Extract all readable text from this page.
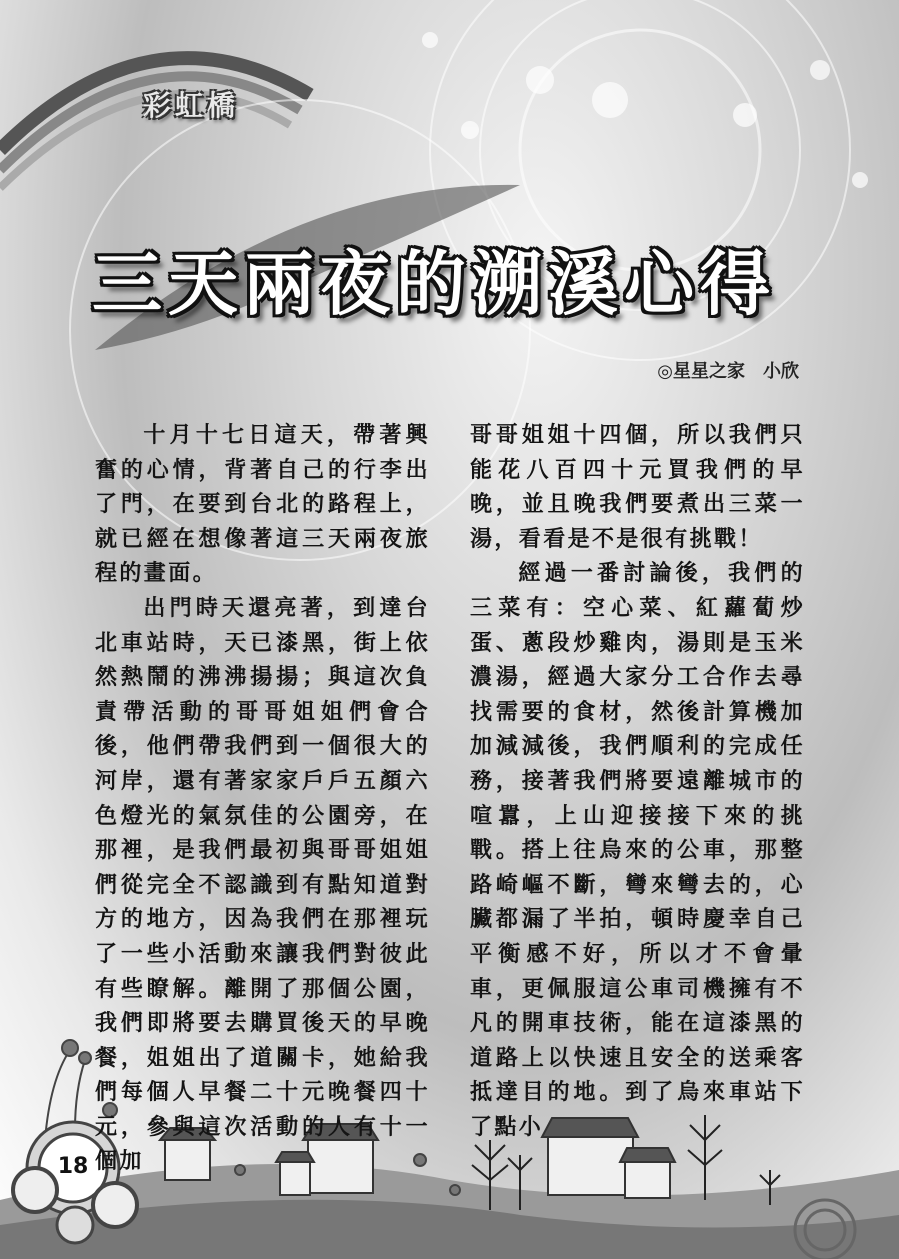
彩虹橋
三天兩夜的溯溪心得
◎星星之家　小欣

十月十七日這天，帶著興奮的心情，背著自己的行李出了門，在要到台北的路程上，就已經在想像著這三天兩夜旅程的畫面。

出門時天還亮著，到達台北車站時，天已漆黑，街上依然熱鬧的沸沸揚揚；與這次負責帶活動的哥哥姐姐們會合後，他們帶我們到一個很大的河岸，還有著家家戶戶五顏六色燈光的氣氛佳的公園旁，在那裡，是我們最初與哥哥姐姐們從完全不認識到有點知道對方的地方，因為我們在那裡玩了一些小活動來讓我們對彼此有些瞭解。離開了那個公園，我們即將要去購買後天的早晚餐，姐姐出了道關卡，她給我們每個人早餐二十元晚餐四十元，參與這次活動的人有十一個加

哥哥姐姐十四個，所以我們只能花八百四十元買我們的早晚，並且晚我們要煮出三菜一湯，看看是不是很有挑戰！

經過一番討論後，我們的三菜有：空心菜、紅蘿蔔炒蛋、蔥段炒雞肉，湯則是玉米濃湯，經過大家分工合作去尋找需要的食材，然後計算機加加減減後，我們順利的完成任務，接著我們將要遠離城市的喧囂，上山迎接接下來的挑戰。搭上往烏來的公車，那整路崎嶇不斷，彎來彎去的，心臟都漏了半拍，頓時慶幸自己平衡感不好，所以才不會暈車，更佩服這公車司機擁有不凡的開車技術，能在這漆黑的道路上以快速且安全的送乘客抵達目的地。到了烏來車站下了點小

18
